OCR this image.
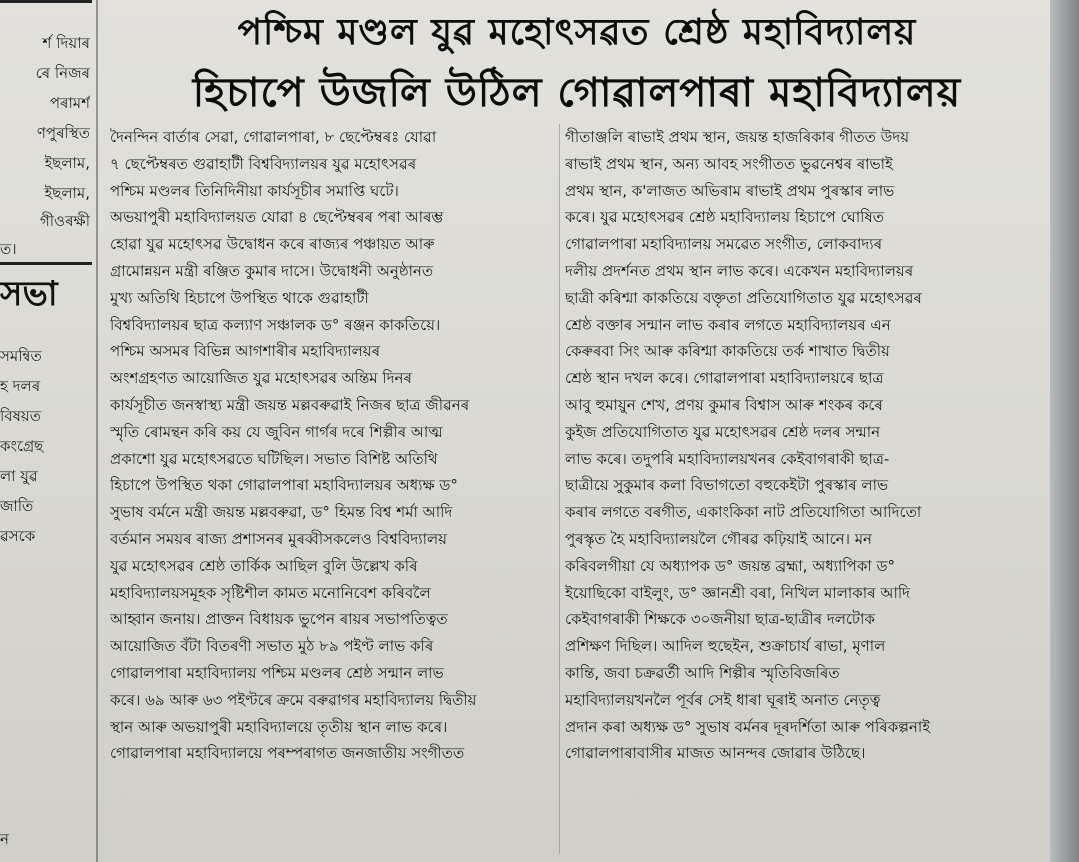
ৰ্শ দিয়াৰ
ৰে নিজৰ
পৰামৰ্শ
ণপুৰস্থিত
ইছলাম,
ইছলাম,
গীওৰক্ষী
ত।
সভা
সমন্বিত
হ দলৰ
বিষয়ত
কংগ্ৰেছ
লা যুৱ
জাতি
ৱসকে
ন
পশ্চিম মণ্ডল যুৱ মহোৎসৱত শ্ৰেষ্ঠ মহাবিদ্যালয়
হিচাপে উজলি উঠিল গোৱালপাৰা মহাবিদ্যালয়
দৈনন্দিন বাৰ্তাৰ সেৱা, গোৱালপাৰা, ৮ ছেপ্টেম্বৰঃ যোৱা
৭ ছেপ্টেম্বৰত গুৱাহাটী বিশ্ববিদ্যালয়ৰ যুৱ মহোৎসৱৰ
পশ্চিম মণ্ডলৰ তিনিদিনীয়া কাৰ্যসূচীৰ সমাপ্তি ঘটে।
অভয়াপুৰী মহাবিদ্যালয়ত যোৱা ৪ ছেপ্টেম্বৰৰ পৰা আৰম্ভ
হোৱা যুৱ মহোৎসৱ উদ্বোধন কৰে ৰাজ্যৰ পঞ্চায়ত আৰু
গ্ৰামোন্নয়ন মন্ত্ৰী ৰঞ্জিত কুমাৰ দাসে। উদ্বোধনী অনুষ্ঠানত
মুখ্য অতিথি হিচাপে উপস্থিত থাকে গুৱাহাটী
বিশ্ববিদ্যালয়ৰ ছাত্ৰ কল্যাণ সঞ্চালক ড° ৰঞ্জন কাকতিয়ে।
পশ্চিম অসমৰ বিভিন্ন আগশাৰীৰ মহাবিদ্যালয়ৰ
অংশগ্ৰহণত আয়োজিত যুৱ মহোৎসৱৰ অন্তিম দিনৰ
কাৰ্যসূচীত জনস্বাস্থ্য মন্ত্ৰী জয়ন্ত মল্লবৰুৱাই নিজৰ ছাত্ৰ জীৱনৰ
স্মৃতি ৰোমন্থন কৰি কয় যে জুবিন গাৰ্গৰ দৰে শিল্পীৰ আত্ম
প্ৰকাশো যুৱ মহোৎসৱতে ঘটিছিল। সভাত বিশিষ্ট অতিথি
হিচাপে উপস্থিত থকা গোৱালপাৰা মহাবিদ্যালয়ৰ অধ্যক্ষ ড°
সুভাষ বৰ্মনে মন্ত্ৰী জয়ন্ত মল্লবৰুৱা, ড° হিমন্ত বিশ্ব শৰ্মা আদি
বৰ্তমান সময়ৰ ৰাজ্য প্ৰশাসনৰ মুৰব্বীসকলেও বিশ্ববিদ্যালয়
যুৱ মহোৎসৱৰ শ্ৰেষ্ঠ তাৰ্কিক আছিল বুলি উল্লেখ কৰি
মহাবিদ্যালয়সমূহক সৃষ্টিশীল কামত মনোনিবেশ কৰিবলৈ
আহ্বান জনায়। প্ৰাক্তন বিধায়ক ভুপেন ৰায়ৰ সভাপতিত্বত
আয়োজিত বঁটা বিতৰণী সভাত মুঠ ৮৯ পইণ্ট লাভ কৰি
গোৱালপাৰা মহাবিদ্যালয় পশ্চিম মণ্ডলৰ শ্ৰেষ্ঠ সন্মান লাভ
কৰে। ৬৯ আৰু ৬৩ পইণ্টৰে ক্ৰমে বৰুৱাগৰ মহাবিদ্যালয় দ্বিতীয়
স্থান আৰু অভয়াপুৰী মহাবিদ্যালয়ে তৃতীয় স্থান লাভ কৰে।
গোৱালপাৰা মহাবিদ্যালয়ে পৰম্পৰাগত জনজাতীয় সংগীতত
গীতাঞ্জলি ৰাভাই প্ৰথম স্থান, জয়ন্ত হাজৰিকাৰ গীতত উদয়
ৰাভাই প্ৰথম স্থান, অন্য আবহ সংগীতত ভুৱনেশ্বৰ ৰাভাই
প্ৰথম স্থান, ক'লাজত অভিৰাম ৰাভাই প্ৰথম পুৰস্কাৰ লাভ
কৰে। যুৱ মহোৎসৱৰ শ্ৰেষ্ঠ মহাবিদ্যালয় হিচাপে ঘোষিত
গোৱালপাৰা মহাবিদ্যালয় সমৱেত সংগীত, লোকবাদ্যৰ
দলীয় প্ৰদৰ্শনত প্ৰথম স্থান লাভ কৰে। একেখন মহাবিদ্যালয়ৰ
ছাত্ৰী কৰিশ্মা কাকতিয়ে বক্তৃতা প্ৰতিযোগিতাত যুৱ মহোৎসৱৰ
শ্ৰেষ্ঠ বক্তাৰ সন্মান লাভ কৰাৰ লগতে মহাবিদ্যালয়ৰ এন
কেৰুৰবা সিং আৰু কৰিশ্মা কাকতিয়ে তৰ্ক শাখাত দ্বিতীয়
শ্ৰেষ্ঠ স্থান দখল কৰে। গোৱালপাৰা মহাবিদ্যালয়ৰে ছাত্ৰ
আবু হুমায়ুন শেখ, প্ৰণয় কুমাৰ বিশ্বাস আৰু শংকৰ কৰে
কুইজ প্ৰতিযোগিতাত যুৱ মহোৎসৱৰ শ্ৰেষ্ঠ দলৰ সন্মান
লাভ কৰে। তদুপৰি মহাবিদ্যালয়খনৰ কেইবাগৰাকী ছাত্ৰ-
ছাত্ৰীয়ে সুকুমাৰ কলা বিভাগতো বহুকেইটা পুৰস্কাৰ লাভ
কৰাৰ লগতে বৰগীত, একাংকিকা নাট প্ৰতিযোগিতা আদিতো
পুৰস্কৃত হৈ মহাবিদ্যালয়লৈ গৌৰৱ কঢ়িয়াই আনে। মন
কৰিবলগীয়া যে অধ্যাপক ড° জয়ন্ত ব্ৰহ্মা, অধ্যাপিকা ড°
ইয়োছিকো বাইলুং, ড° জ্ঞানশ্ৰী বৰা, নিখিল মালাকাৰ আদি
কেইবাগৰাকী শিক্ষকে ৩০জনীয়া ছাত্ৰ-ছাত্ৰীৰ দলটোক
প্ৰশিক্ষণ দিছিল। আদিল হুছেইন, শুক্ৰাচাৰ্য ৰাভা, মৃণাল
কান্তি, জবা চক্ৰৱৰ্তী আদি শিল্পীৰ স্মৃতিবিজৰিত
মহাবিদ্যালয়খনলৈ পূৰ্বৰ সেই ধাৰা ঘূৰাই অনাত নেতৃত্ব
প্ৰদান কৰা অধ্যক্ষ ড° সুভাষ বৰ্মনৰ দূৰদৰ্শিতা আৰু পৰিকল্পনাই
গোৱালপাৰাবাসীৰ মাজত আনন্দৰ জোৱাৰ উঠিছে।
